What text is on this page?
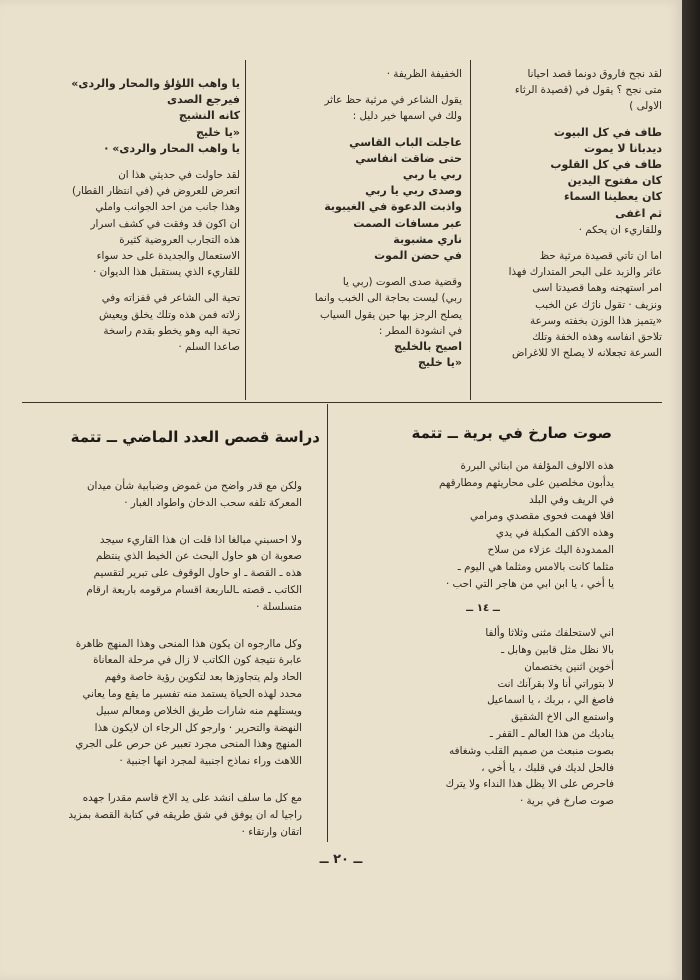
لقد نجح فاروق دونما قصد احيانا

متى نجح ؟ يقول في (قصيدة الرثاء

الاولى )

طاف في كل البيوت

ديدبانا لا يموت

طاف في كل القلوب

كان مفتوح اليدين

كان يعطينا السماء

ثم اغفى

وللقاريء ان يحكم ·

اما ان تاتي قصيدة مرثية حظ

عاثر والزبد على البحر المتدارك فهذا

امر استهجنه وهما قصيدتا اسى

ونزيف · تقول ناژك عن الخبب

«يتميز هذا الوزن بخفته وسرعة

تلاحق انفاسه وهذه الخفة وتلك

السرعة تجعلانه لا يصلح الا للاغراض

الخفيفة الظريفة ·

يقول الشاعر في مرثية حظ عاثر

ولك في اسمها خير دليل :

عاجلت الباب القاسي

حتى ضاقت انفاسي

ربي يا ربي

وصدى ربي يا ربي

واذبت الدعوة في الغيبوبة

عبر مسافات الصمت

ناري مشبوبة

في حضن الموت

وقضية صدى الصوت (ربي يا

ربي) ليست بحاجة الى الخبب وانما

يصلح الرجز بها حين يقول السياب

في انشودة المطر :

اصيح بالخليج

«يا خليج

يا واهب اللؤلؤ والمحار والردى»

فيرجع الصدى

كانه النشيج

«يا خليج

يا واهب المحار والردى» ·

لقد حاولت في حديثي هذا ان

اتعرض للعروض في (في انتظار القطار)

وهذا جانب من احد الجوانب واملي

ان اكون قد وفقت في كشف اسرار

هذه التجارب العروضية كثيرة

الاستعمال والجديدة على حد سواء

للقاريء الذي يستقبل هذا الديوان ·

تحية الى الشاعر في قفزاته وفي

زلاته فمن هذه وتلك يخلق ويعيش

تحية اليه وهو يخطو بقدم راسخة

صاعدا السلم ·

صوت صارخ في برية ــ تتمة

هذه الالوف المؤلفة من ابنائي البررة

يدأبون مخلصين على محاريثهم ومطارقهم

في الريف وفي البلد

اقلا فهمت فحوى مقصدي ومرامي

وهذه الاكف المكبلة في يدي

الممدودة اليك عزلاء من سلاح

مثلما كانت بالامس ومثلما هي اليوم ـ

يا أخي ، يا ابن ابي من هاجر التي احب ·

ــ ١٤ ــ

اني لاستحلفك مثنى وثلاثا وألفا

بالا نظل مثل قابين وهابل ـ

أخوين اثنين يختصمان

لا بتوراتي أنا ولا بقرآنك انت

فاصغ الي ، بربك ، يا اسماعيل

واستمع الى الاخ الشقيق

يناديك من هذا العالم ـ القفر ـ

بصوت منبعث من صميم القلب وشغافه

فالحل لديك في قلبك ، يا أخي ،

فاحرص على الا يظل هذا النداء ولا يترك

صوت صارخ في برية ·

دراسة قصص العدد الماضي ــ تتمة

ولكن مع قدر واضح من غموض وضبابية شأن ميدان

المعركة تلفه سحب الدخان واطواد الغبار ·

ولا احسبني مبالغا اذا قلت ان هذا القاريء سيجد

صعوبة ان هو حاول البحث عن الخيط الذي ينتظم

هذه ـ القصة ـ او حاول الوقوف على تبرير لتقسيم

الكاتب ـ قصته ـالىاربعة اقسام مرقومه باربعة ارقام

متسلسلة ·

وكل ماارجوه ان يكون هذا المنحى وهذا المنهج ظاهرة

عابرة نتيجة كون الكاتب لا زال في مرحلة المعاناة

الحاد ولم يتجاوزها بعد لتكوين رؤية خاصة وفهم

محدد لهذه الحياة يستمد منه تفسير ما يقع وما يعاني

ويستلهم منه شارات طريق الخلاص ومعالم سبيل

النهضة والتحرير · وارجو كل الرجاء ان لايكون هذا

المنهج وهذا المنحى مجرد تعبير عن حرص على الجري

اللاهث وراء نماذج اجنبية لمجرد انها اجنبية ·

مع كل ما سلف انشد على يد الاخ قاسم مقدرا جهده

راجيا له ان يوفق في شق طريقه في كتابة القصة بمزيد

اتقان وارتقاء ·

ــ ٢٠ ــ
